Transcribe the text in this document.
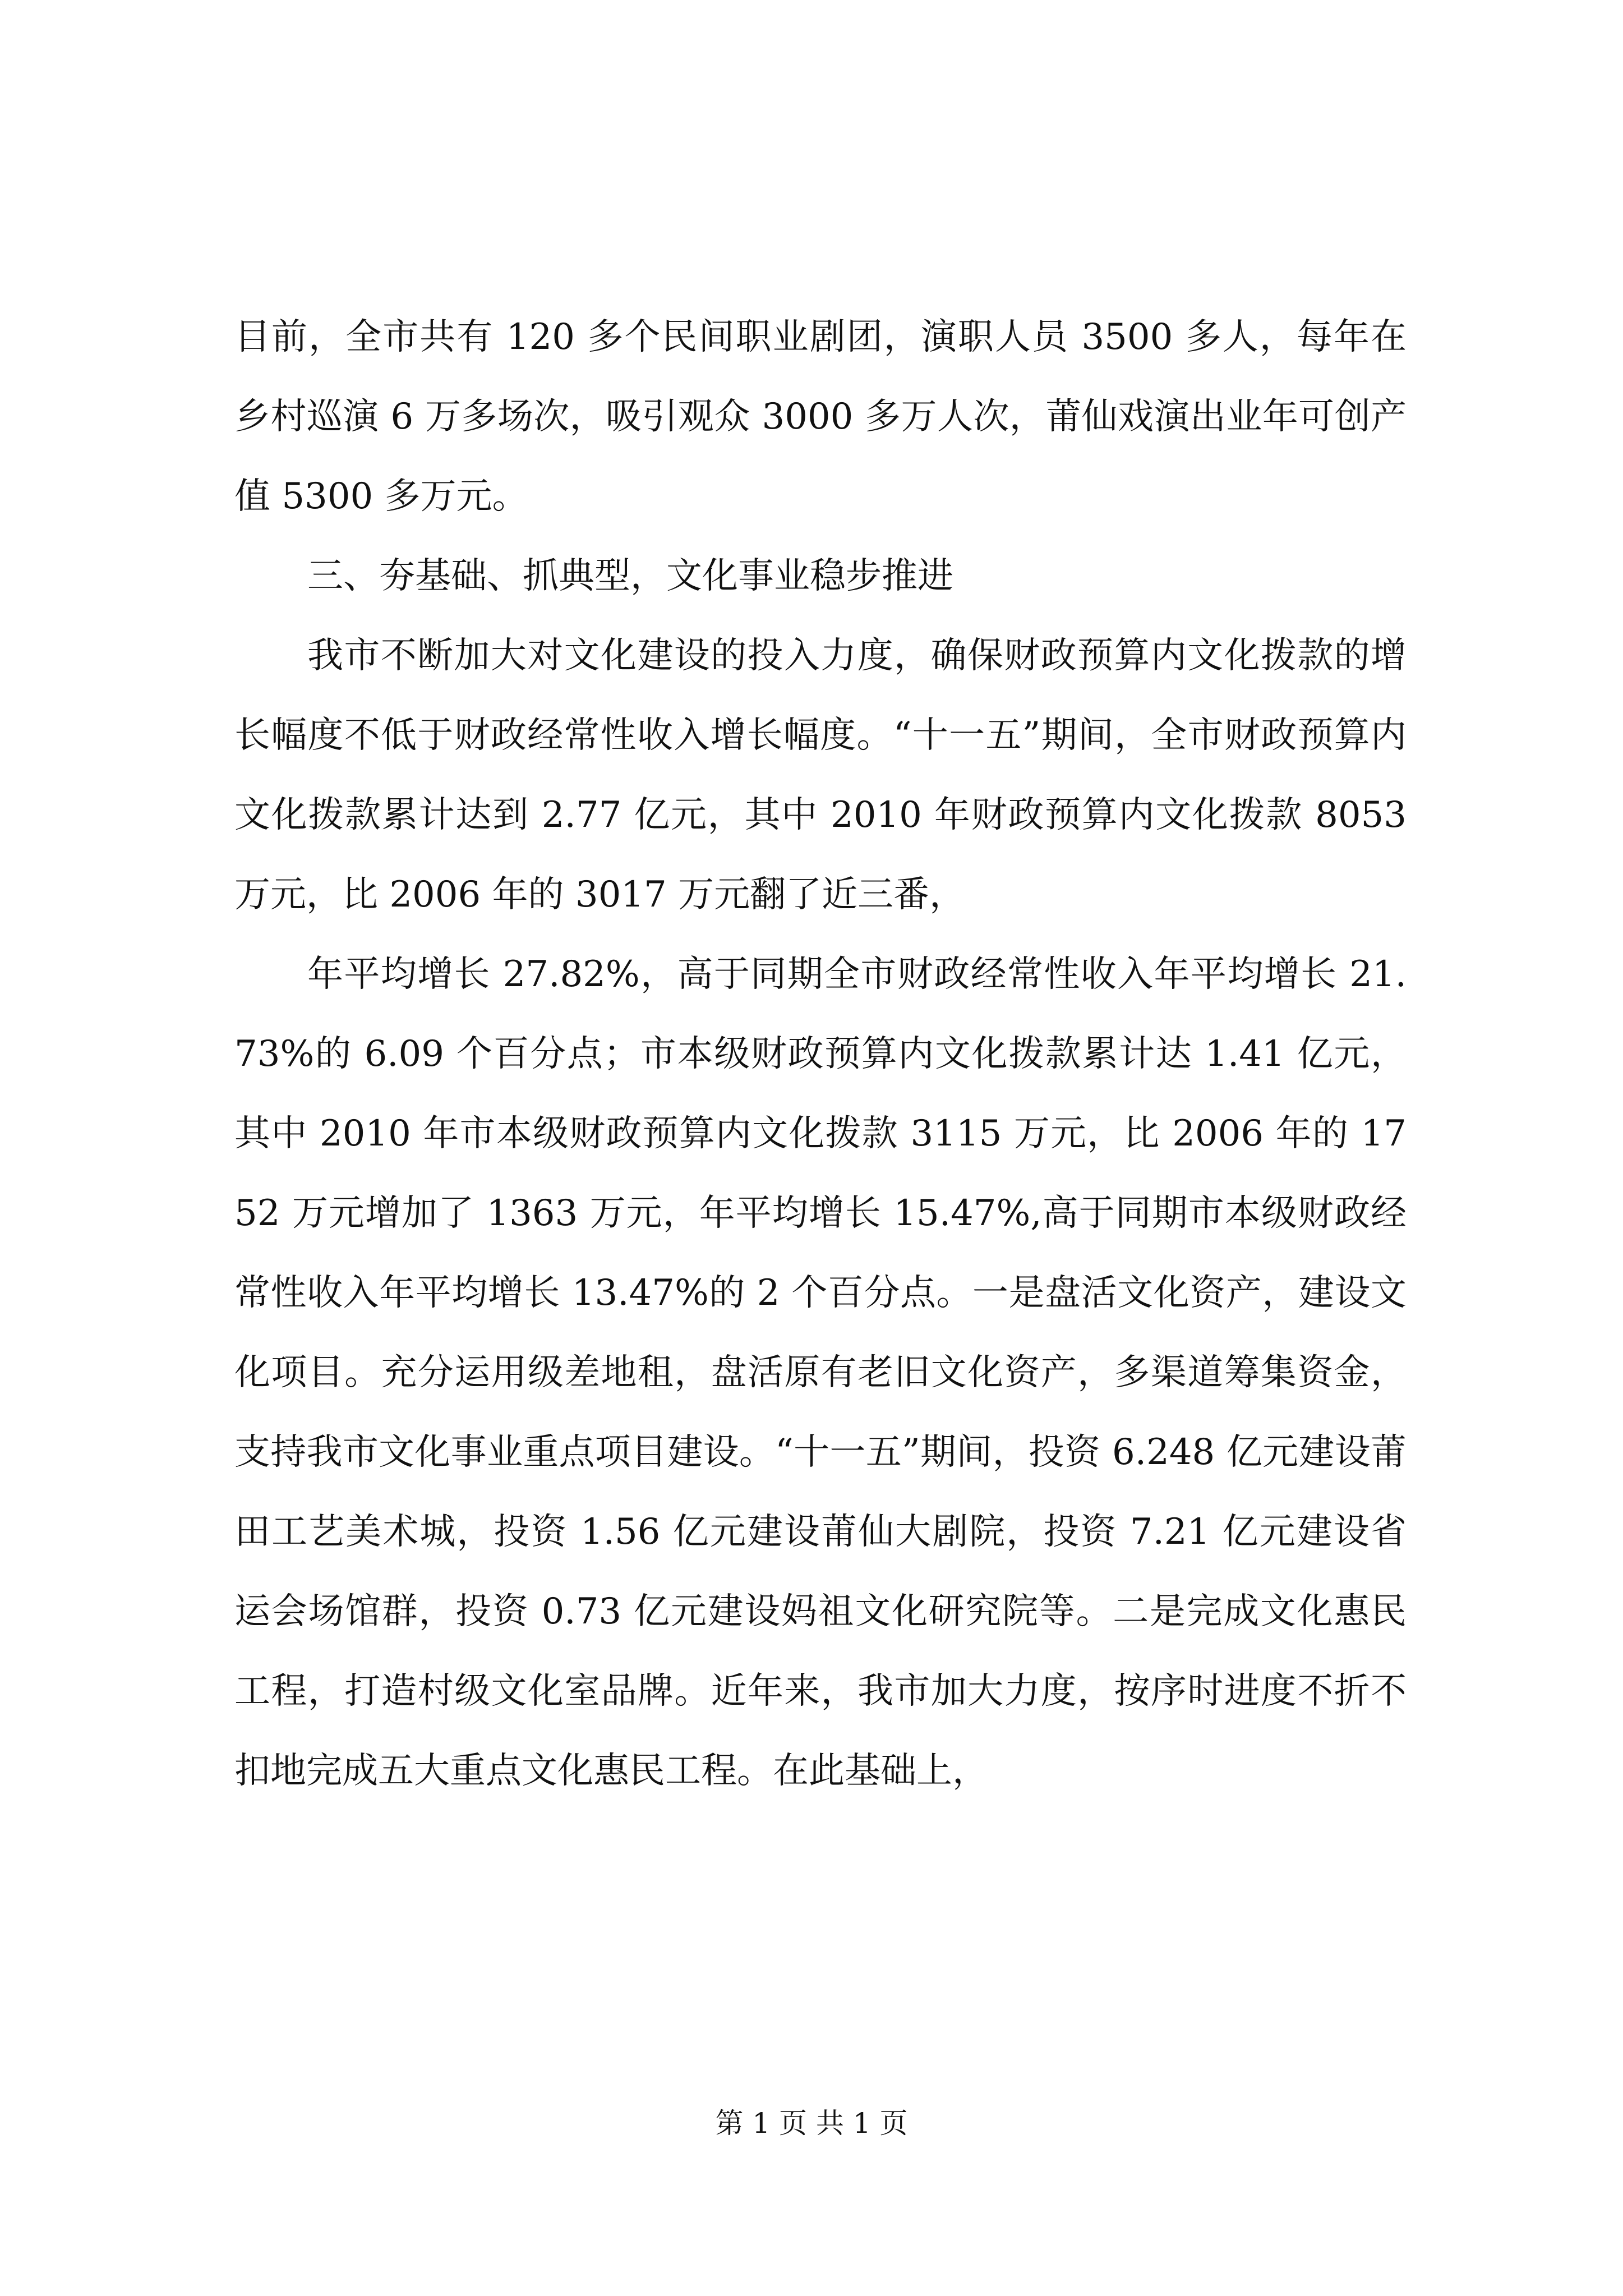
目前，全市共有 120 多个民间职业剧团，演职人员 3500 多人，每年在乡村巡演 6 万多场次，吸引观众 3000 多万人次，莆仙戏演出业年可创产值 5300 多万元。

三、夯基础、抓典型，文化事业稳步推进

我市不断加大对文化建设的投入力度，确保财政预算内文化拨款的增长幅度不低于财政经常性收入增长幅度。“十一五”期间，全市财政预算内文化拨款累计达到 2.77 亿元，其中 2010 年财政预算内文化拨款 8053 万元，比 2006 年的 3017 万元翻了近三番，

年平均增长 27.82%，高于同期全市财政经常性收入年平均增长 21.73%的 6.09 个百分点；市本级财政预算内文化拨款累计达 1.41 亿元，其中 2010 年市本级财政预算内文化拨款 3115 万元，比 2006 年的 1752 万元增加了 1363 万元，年平均增长 15.47%,高于同期市本级财政经常性收入年平均增长 13.47%的 2 个百分点。一是盘活文化资产，建设文化项目。充分运用级差地租，盘活原有老旧文化资产，多渠道筹集资金，支持我市文化事业重点项目建设。“十一五”期间，投资 6.248 亿元建设莆田工艺美术城，投资 1.56 亿元建设莆仙大剧院，投资 7.21 亿元建设省运会场馆群，投资 0.73 亿元建设妈祖文化研究院等。二是完成文化惠民工程，打造村级文化室品牌。近年来，我市加大力度，按序时进度不折不扣地完成五大重点文化惠民工程。在此基础上，

第 1 页 共 1 页
